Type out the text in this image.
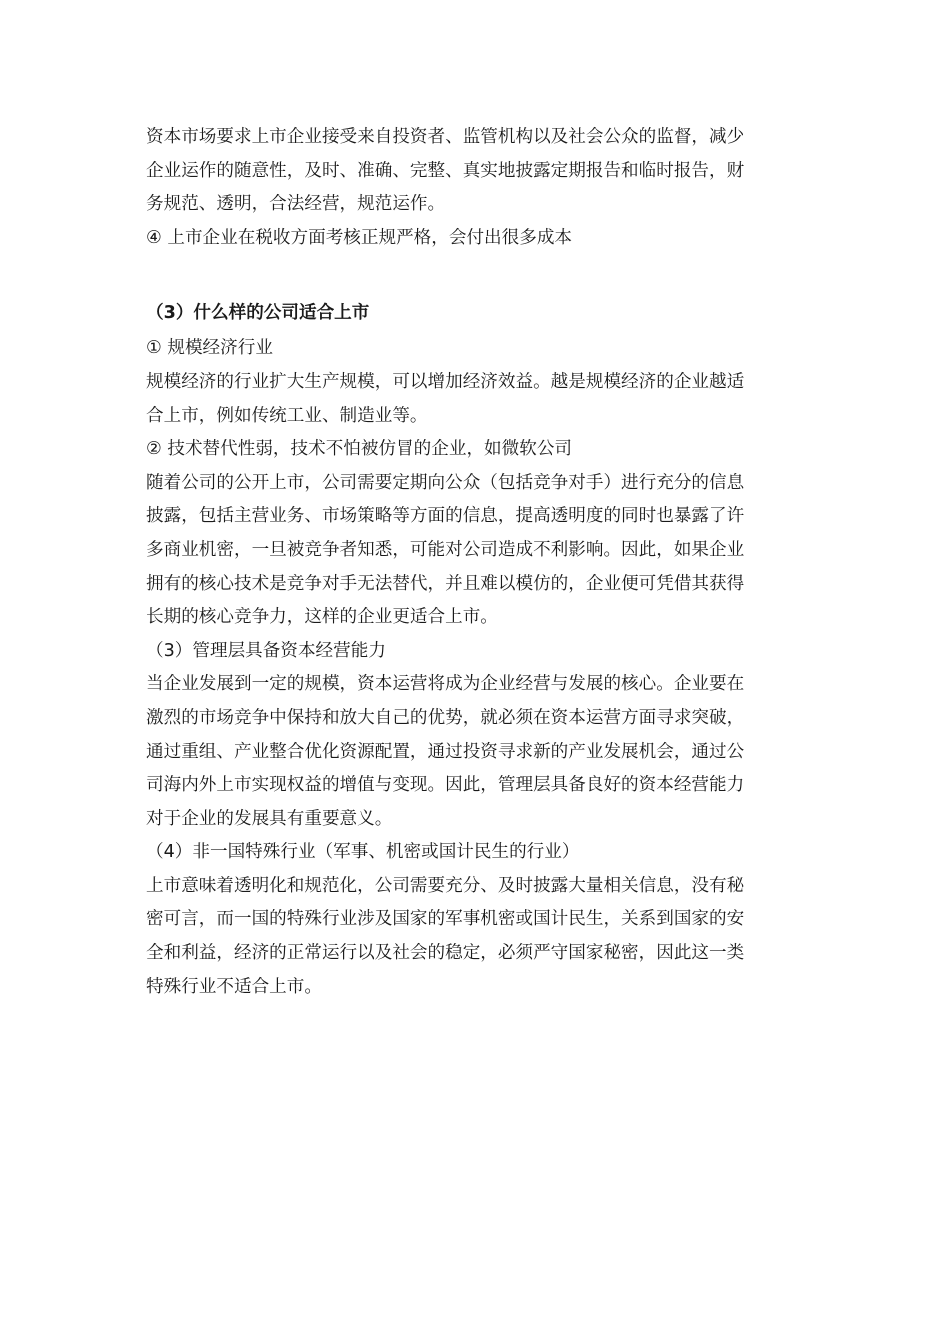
资本市场要求上市企业接受来自投资者、监管机构以及社会公众的监督，减少
企业运作的随意性，及时、准确、完整、真实地披露定期报告和临时报告，财
务规范、透明，合法经营，规范运作。
④ 上市企业在税收方面考核正规严格，会付出很多成本
（3）什么样的公司适合上市
① 规模经济行业
规模经济的行业扩大生产规模，可以增加经济效益。越是规模经济的企业越适
合上市，例如传统工业、制造业等。
② 技术替代性弱，技术不怕被仿冒的企业，如微软公司
随着公司的公开上市，公司需要定期向公众（包括竞争对手）进行充分的信息
披露，包括主营业务、市场策略等方面的信息，提高透明度的同时也暴露了许
多商业机密，一旦被竞争者知悉，可能对公司造成不利影响。因此，如果企业
拥有的核心技术是竞争对手无法替代，并且难以模仿的，企业便可凭借其获得
长期的核心竞争力，这样的企业更适合上市。
（3）管理层具备资本经营能力
当企业发展到一定的规模，资本运营将成为企业经营与发展的核心。企业要在
激烈的市场竞争中保持和放大自己的优势，就必须在资本运营方面寻求突破，
通过重组、产业整合优化资源配置，通过投资寻求新的产业发展机会，通过公
司海内外上市实现权益的增值与变现。因此，管理层具备良好的资本经营能力
对于企业的发展具有重要意义。
（4）非一国特殊行业（军事、机密或国计民生的行业）
上市意味着透明化和规范化，公司需要充分、及时披露大量相关信息，没有秘
密可言，而一国的特殊行业涉及国家的军事机密或国计民生，关系到国家的安
全和利益，经济的正常运行以及社会的稳定，必须严守国家秘密，因此这一类
特殊行业不适合上市。
